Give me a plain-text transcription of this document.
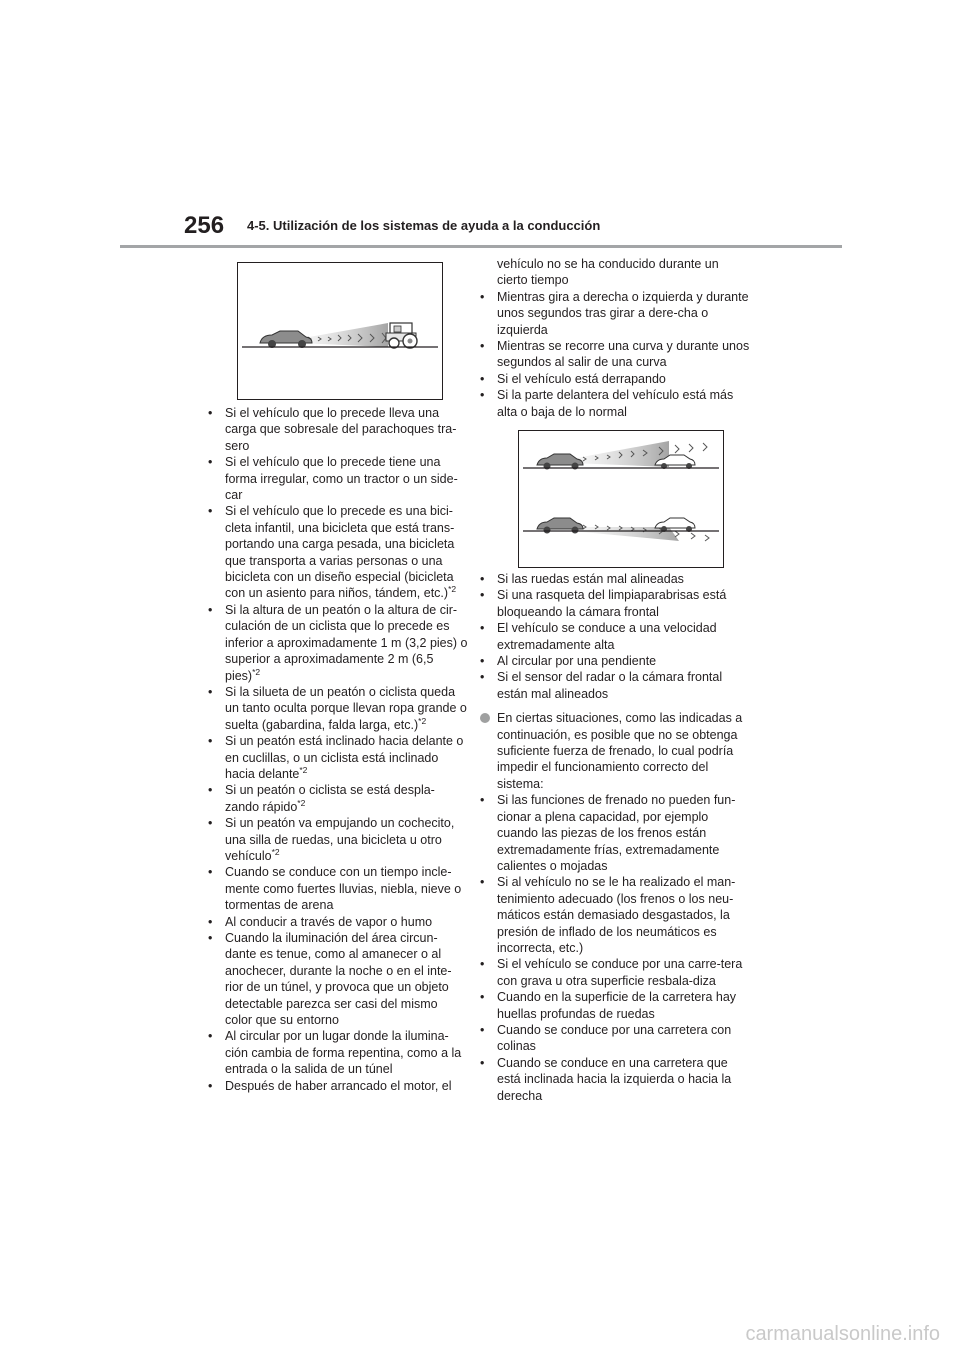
256 4-5. Utilización de los sistemas de ayuda a la conducción
• Si el vehículo que lo precede lleva una carga que sobresale del parachoques tra-sero
• Si el vehículo que lo precede tiene una forma irregular, como un tractor o un side-car
• Si el vehículo que lo precede es una bici-cleta infantil, una bicicleta que está trans-portando una carga pesada, una bicicleta que transporta a varias personas o una bicicleta con un diseño especial (bicicleta con un asiento para niños, tándem, etc.)$^{*2}$
• Si la altura de un peatón o la altura de cir-culación de un ciclista que lo precede es inferior a aproximadamente 1 m (3,2 pies) o superior a aproximadamente 2 m (6,5 pies)$^{*2}$
• Si la silueta de un peatón o ciclista queda un tanto oculta porque llevan ropa grande o suelta (gabardina, falda larga, etc.)$^{*2}$
• Si un peatón está inclinado hacia delante o en cuclillas, o un ciclista está inclinado hacia delante$^{*2}$
• Si un peatón o ciclista se está despla-zando rápido$^{*2}$
• Si un peatón va empujando un cochecito, una silla de ruedas, una bicicleta u otro vehículo$^{*2}$
• Cuando se conduce con un tiempo incle-mente como fuertes lluvias, niebla, nieve o tormentas de arena
• Al conducir a través de vapor o humo
• Cuando la iluminación del área circun-dante es tenue, como al amanecer o al anochecer, durante la noche o en el inte-rior de un túnel, y provoca que un objeto detectable parezca ser casi del mismo color que su entorno
• Al circular por un lugar donde la ilumina-ción cambia de forma repentina, como a la entrada o la salida de un túnel
• Después de haber arrancado el motor, el
vehículo no se ha conducido durante un cierto tiempo
• Mientras gira a derecha o izquierda y durante unos segundos tras girar a dere-cha o izquierda
• Mientras se recorre una curva y durante unos segundos al salir de una curva
• Si el vehículo está derrapando
• Si la parte delantera del vehículo está más alta o baja de lo normal
• Si las ruedas están mal alineadas
• Si una rasqueta del limpiaparabrisas está bloqueando la cámara frontal
• El vehículo se conduce a una velocidad extremadamente alta
• Al circular por una pendiente
• Si el sensor del radar o la cámara frontal están mal alineados
En ciertas situaciones, como las indicadas a continuación, es posible que no se obtenga suficiente fuerza de frenado, lo cual podría impedir el funcionamiento correcto del sistema:
• Si las funciones de frenado no pueden fun-cionar a plena capacidad, por ejemplo cuando las piezas de los frenos están extremadamente frías, extremadamente calientes o mojadas
• Si al vehículo no se le ha realizado el man-tenimiento adecuado (los frenos o los neu-máticos están demasiado desgastados, la presión de inflado de los neumáticos es incorrecta, etc.)
• Si el vehículo se conduce por una carre-tera con grava u otra superficie resbala-diza
• Cuando en la superficie de la carretera hay huellas profundas de ruedas
• Cuando se conduce por una carretera con colinas
• Cuando se conduce en una carretera que está inclinada hacia la izquierda o hacia la derecha
carmanualsonline.info
